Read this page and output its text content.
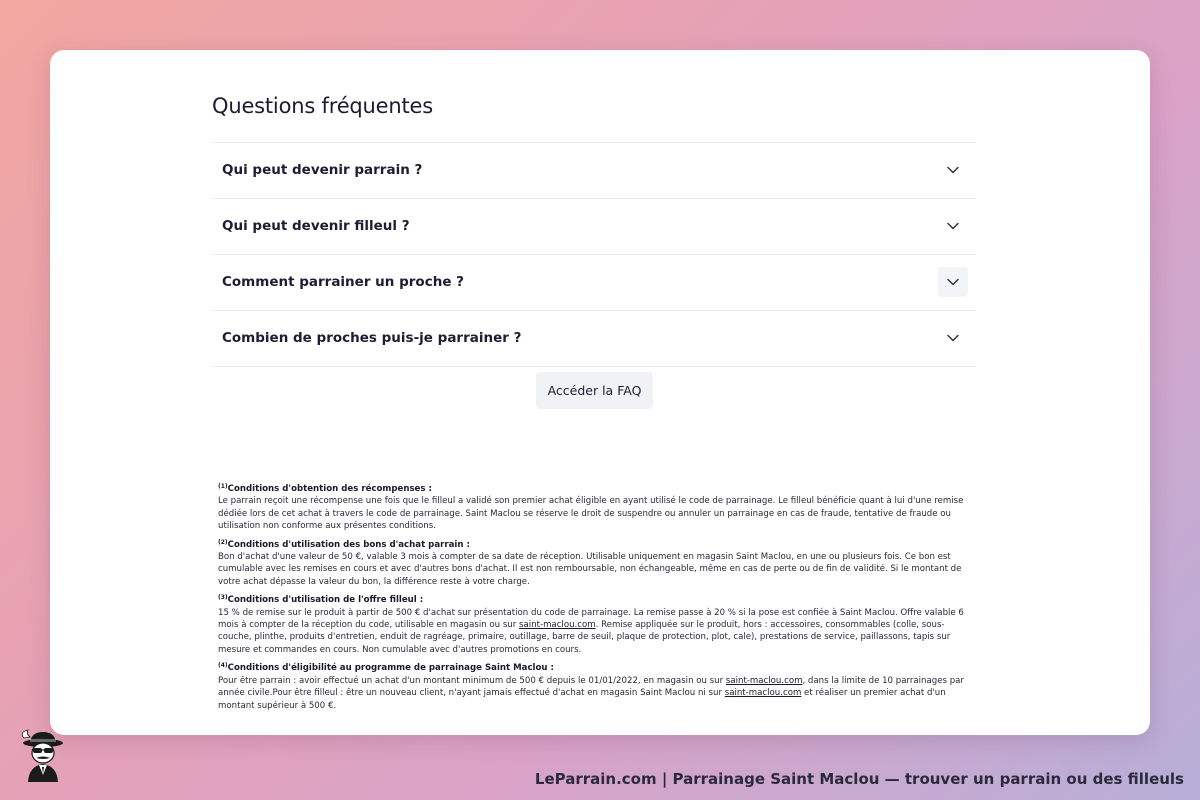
Questions fréquentes
Qui peut devenir parrain ?
Qui peut devenir filleul ?
Comment parrainer un proche ?
Combien de proches puis-je parrainer ?
Accéder la FAQ
$^{(1)}$Conditions d'obtention des récompenses :
Le parrain reçoit une récompense une fois que le filleul a validé son premier achat éligible en ayant utilisé le code de parrainage. Le filleul bénéficie quant à lui d'une remise dédiée lors de cet achat à travers le code de parrainage. Saint Maclou se réserve le droit de suspendre ou annuler un parrainage en cas de fraude, tentative de fraude ou utilisation non conforme aux présentes conditions.
$^{(2)}$Conditions d'utilisation des bons d'achat parrain :
Bon d'achat d'une valeur de 50 €, valable 3 mois à compter de sa date de réception. Utilisable uniquement en magasin Saint Maclou, en une ou plusieurs fois. Ce bon est cumulable avec les remises en cours et avec d'autres bons d'achat. Il est non remboursable, non échangeable, même en cas de perte ou de fin de validité. Si le montant de votre achat dépasse la valeur du bon, la différence reste à votre charge.
$^{(3)}$Conditions d'utilisation de l'offre filleul :
15 % de remise sur le produit à partir de 500 € d'achat sur présentation du code de parrainage. La remise passe à 20 % si la pose est confiée à Saint Maclou. Offre valable 6 mois à compter de la réception du code, utilisable en magasin ou sur saint-maclou.com. Remise appliquée sur le produit, hors : accessoires, consommables (colle, sous-couche, plinthe, produits d'entretien, enduit de ragréage, primaire, outillage, barre de seuil, plaque de protection, plot, cale), prestations de service, paillassons, tapis sur mesure et commandes en cours. Non cumulable avec d'autres promotions en cours.
$^{(4)}$Conditions d'éligibilité au programme de parrainage Saint Maclou :
Pour être parrain : avoir effectué un achat d'un montant minimum de 500 € depuis le 01/01/2022, en magasin ou sur saint-maclou.com, dans la limite de 10 parrainages par année civile.Pour être filleul : être un nouveau client, n'ayant jamais effectué d'achat en magasin Saint Maclou ni sur saint-maclou.com et réaliser un premier achat d'un montant supérieur à 500 €.
LeParrain.com | Parrainage Saint Maclou — trouver un parrain ou des filleuls
